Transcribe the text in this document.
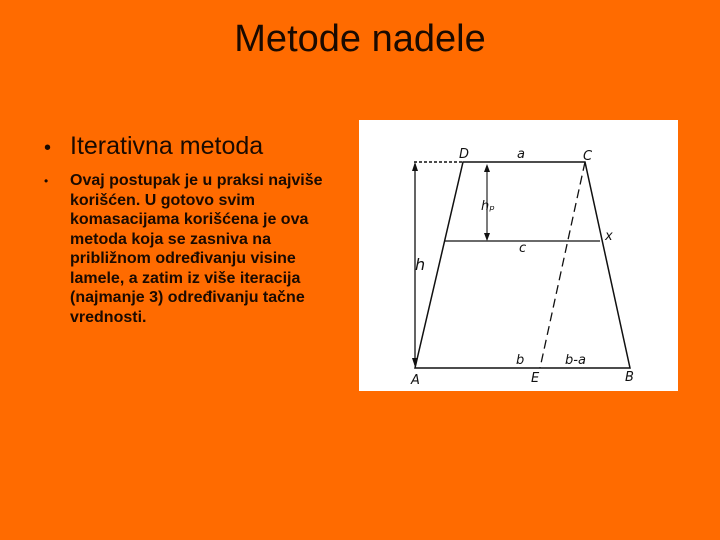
Metode nadele
• Iterativna metoda
•	Ovaj postupak je u praksi najviše korišćen. U gotovo svim komasacijama korišćena je ova metoda koja se zasniva na približnom određivanju visine lamele, a zatim iz više iteracija (najmanje 3) određivanju tačne vrednosti.
D	a	C
hₚ
x
c
h
b	b-a
A	E	B
